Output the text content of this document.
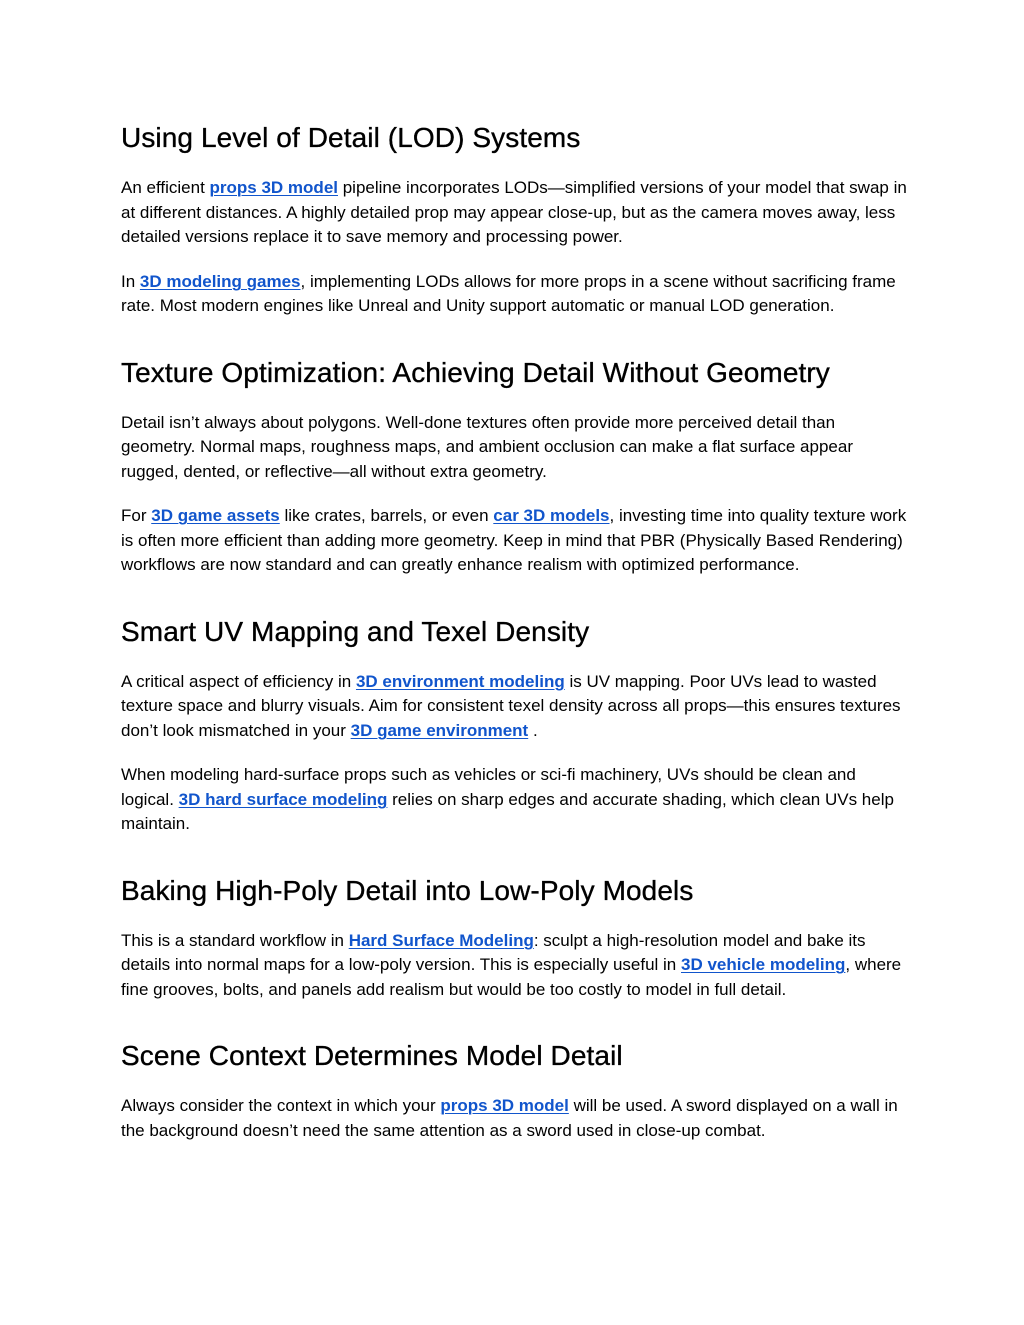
Using Level of Detail (LOD) Systems

An efficient props 3D model pipeline incorporates LODs—simplified versions of your model that swap in at different distances. A highly detailed prop may appear close-up, but as the camera moves away, less detailed versions replace it to save memory and processing power.

In 3D modeling games, implementing LODs allows for more props in a scene without sacrificing frame rate. Most modern engines like Unreal and Unity support automatic or manual LOD generation.

Texture Optimization: Achieving Detail Without Geometry

Detail isn’t always about polygons. Well-done textures often provide more perceived detail than geometry. Normal maps, roughness maps, and ambient occlusion can make a flat surface appear rugged, dented, or reflective—all without extra geometry.

For 3D game assets like crates, barrels, or even car 3D models, investing time into quality texture work is often more efficient than adding more geometry. Keep in mind that PBR (Physically Based Rendering) workflows are now standard and can greatly enhance realism with optimized performance.

Smart UV Mapping and Texel Density

A critical aspect of efficiency in 3D environment modeling is UV mapping. Poor UVs lead to wasted texture space and blurry visuals. Aim for consistent texel density across all props—this ensures textures don’t look mismatched in your 3D game environment .

When modeling hard-surface props such as vehicles or sci-fi machinery, UVs should be clean and logical. 3D hard surface modeling relies on sharp edges and accurate shading, which clean UVs help maintain.

Baking High-Poly Detail into Low-Poly Models

This is a standard workflow in Hard Surface Modeling: sculpt a high-resolution model and bake its details into normal maps for a low-poly version. This is especially useful in 3D vehicle modeling, where fine grooves, bolts, and panels add realism but would be too costly to model in full detail.

Scene Context Determines Model Detail

Always consider the context in which your props 3D model will be used. A sword displayed on a wall in the background doesn’t need the same attention as a sword used in close-up combat.
